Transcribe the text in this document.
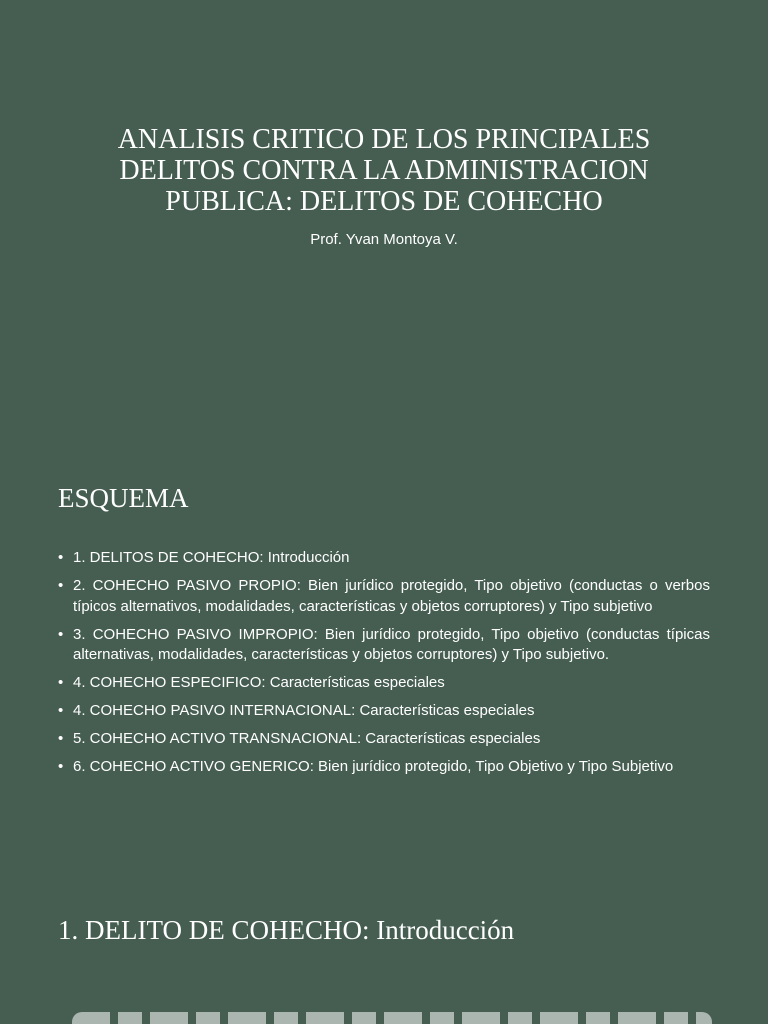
ANALISIS CRITICO DE LOS PRINCIPALES DELITOS CONTRA LA ADMINISTRACION PUBLICA: DELITOS DE COHECHO
Prof. Yvan Montoya V.
ESQUEMA
• 1. DELITOS DE COHECHO: Introducción
• 2. COHECHO PASIVO PROPIO: Bien jurídico protegido, Tipo objetivo (conductas o verbos típicos alternativos, modalidades, características y objetos corruptores) y Tipo subjetivo
• 3. COHECHO PASIVO IMPROPIO: Bien jurídico protegido, Tipo objetivo (conductas típicas alternativas, modalidades, características y objetos corruptores) y Tipo subjetivo.
• 4. COHECHO ESPECIFICO: Características especiales
• 4. COHECHO PASIVO INTERNACIONAL: Características especiales
• 5. COHECHO ACTIVO TRANSNACIONAL: Características especiales
• 6. COHECHO ACTIVO GENERICO: Bien jurídico protegido, Tipo Objetivo y Tipo Subjetivo
1. DELITO DE COHECHO: Introducción
